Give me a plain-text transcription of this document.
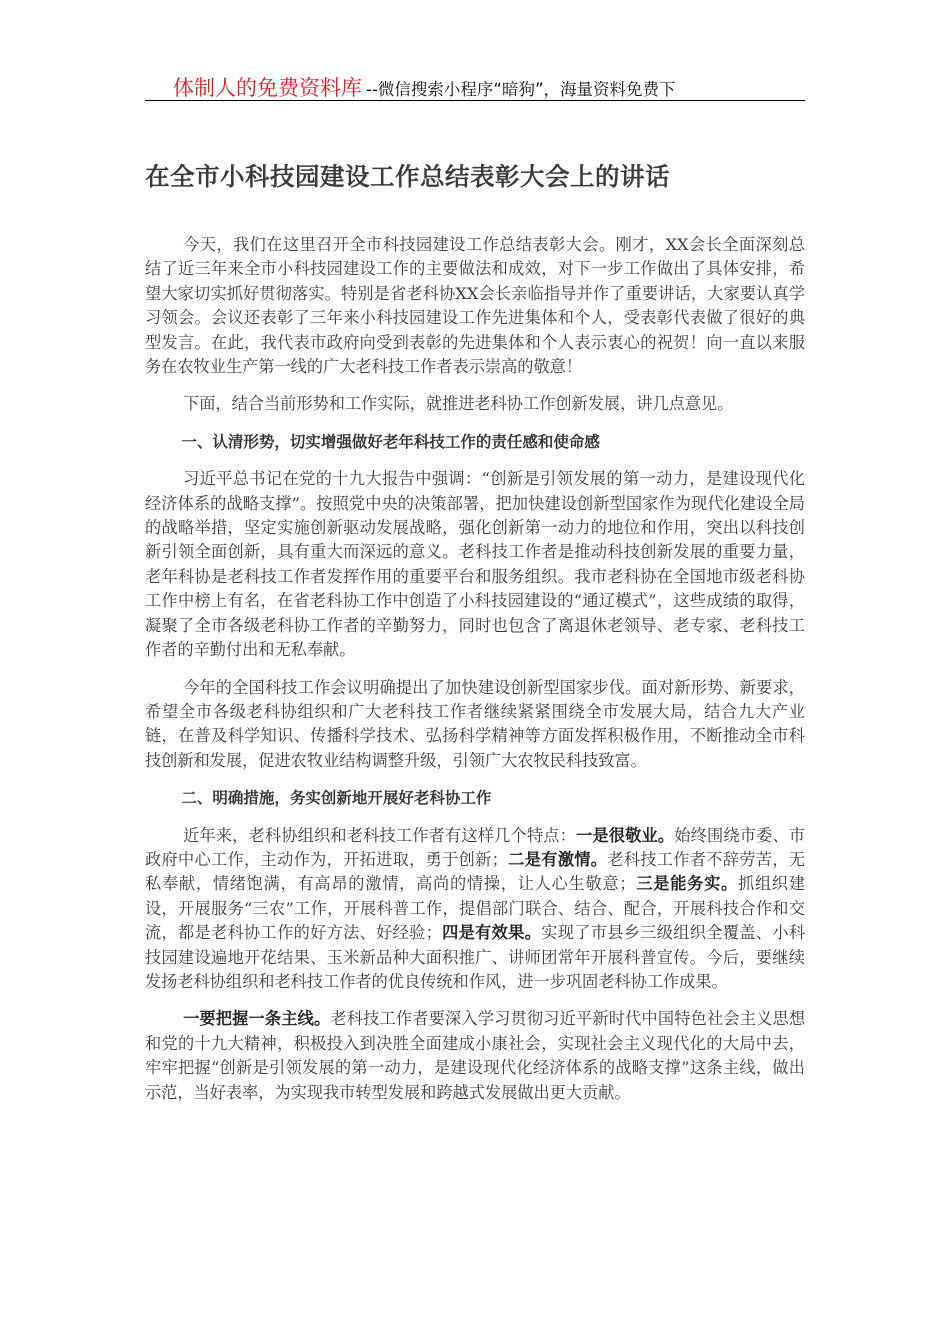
体制人的免费资料库 --微信搜索小程序“暗狗”，海量资料免费下
在全市小科技园建设工作总结表彰大会上的讲话

今天，我们在这里召开全市科技园建设工作总结表彰大会。刚才，XX会长全面深刻总结了近三年来全市小科技园建设工作的主要做法和成效，对下一步工作做出了具体安排，希望大家切实抓好贯彻落实。特别是省老科协XX会长亲临指导并作了重要讲话，大家要认真学习领会。会议还表彰了三年来小科技园建设工作先进集体和个人，受表彰代表做了很好的典型发言。在此，我代表市政府向受到表彰的先进集体和个人表示衷心的祝贺！向一直以来服务在农牧业生产第一线的广大老科技工作者表示崇高的敬意！

下面，结合当前形势和工作实际，就推进老科协工作创新发展，讲几点意见。

一、认清形势，切实增强做好老年科技工作的责任感和使命感

习近平总书记在党的十九大报告中强调：“创新是引领发展的第一动力，是建设现代化经济体系的战略支撑”。按照党中央的决策部署，把加快建设创新型国家作为现代化建设全局的战略举措，坚定实施创新驱动发展战略，强化创新第一动力的地位和作用，突出以科技创新引领全面创新，具有重大而深远的意义。老科技工作者是推动科技创新发展的重要力量，老年科协是老科技工作者发挥作用的重要平台和服务组织。我市老科协在全国地市级老科协工作中榜上有名，在省老科协工作中创造了小科技园建设的“通辽模式”，这些成绩的取得，凝聚了全市各级老科协工作者的辛勤努力，同时也包含了离退休老领导、老专家、老科技工作者的辛勤付出和无私奉献。

今年的全国科技工作会议明确提出了加快建设创新型国家步伐。面对新形势、新要求，希望全市各级老科协组织和广大老科技工作者继续紧紧围绕全市发展大局，结合九大产业链，在普及科学知识、传播科学技术、弘扬科学精神等方面发挥积极作用，不断推动全市科技创新和发展，促进农牧业结构调整升级，引领广大农牧民科技致富。

二、明确措施，务实创新地开展好老科协工作

近年来，老科协组织和老科技工作者有这样几个特点：一是很敬业。始终围绕市委、市政府中心工作，主动作为，开拓进取，勇于创新；二是有激情。老科技工作者不辞劳苦，无私奉献，情绪饱满，有高昂的激情，高尚的情操，让人心生敬意；三是能务实。抓组织建设，开展服务“三农”工作，开展科普工作，提倡部门联合、结合、配合，开展科技合作和交流，都是老科协工作的好方法、好经验；四是有效果。实现了市县乡三级组织全覆盖、小科技园建设遍地开花结果、玉米新品种大面积推广、讲师团常年开展科普宣传。今后，要继续发扬老科协组织和老科技工作者的优良传统和作风，进一步巩固老科协工作成果。

一要把握一条主线。老科技工作者要深入学习贯彻习近平新时代中国特色社会主义思想和党的十九大精神，积极投入到决胜全面建成小康社会，实现社会主义现代化的大局中去，牢牢把握“创新是引领发展的第一动力，是建设现代化经济体系的战略支撑”这条主线，做出示范，当好表率，为实现我市转型发展和跨越式发展做出更大贡献。
